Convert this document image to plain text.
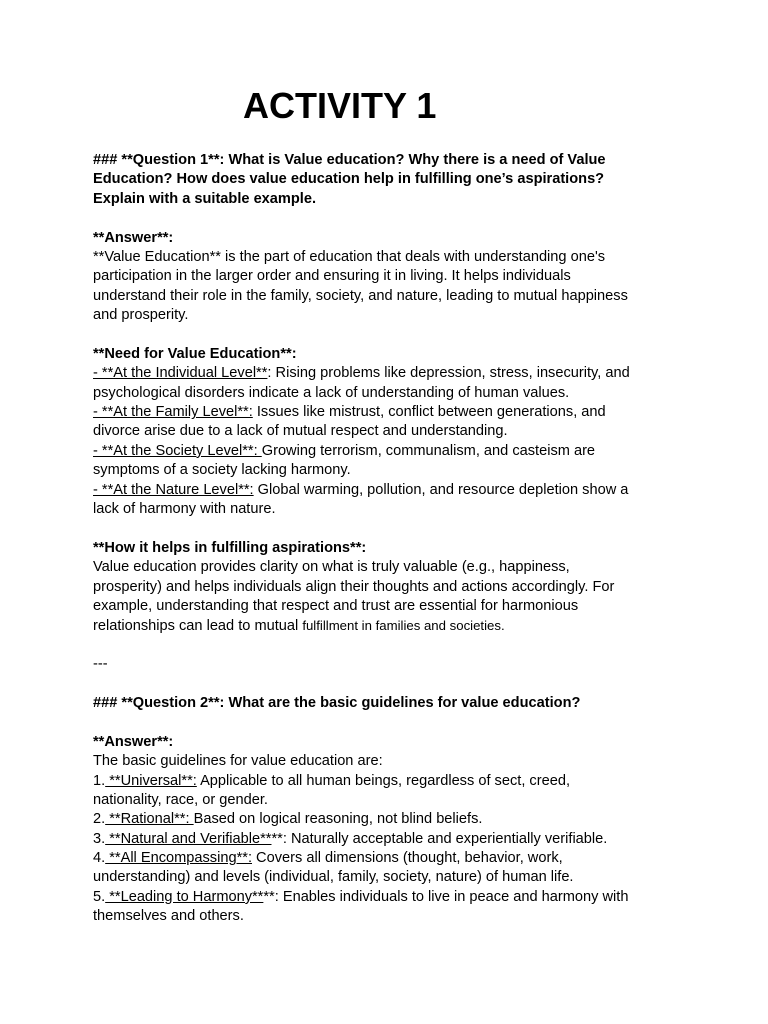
ACTIVITY 1
### **Question 1**: What is Value education? Why there is a need of Value
Education? How does value education help in fulfilling one’s aspirations?
Explain with a suitable example.
**Answer**:
**Value Education** is the part of education that deals with understanding one's
participation in the larger order and ensuring it in living. It helps individuals
understand their role in the family, society, and nature, leading to mutual happiness
and prosperity.
**Need for Value Education**:
- **At the Individual Level**: Rising problems like depression, stress, insecurity, and
psychological disorders indicate a lack of understanding of human values.
- **At the Family Level**: Issues like mistrust, conflict between generations, and
divorce arise due to a lack of mutual respect and understanding.
- **At the Society Level**: Growing terrorism, communalism, and casteism are
symptoms of a society lacking harmony.
- **At the Nature Level**: Global warming, pollution, and resource depletion show a
lack of harmony with nature.
**How it helps in fulfilling aspirations**:
Value education provides clarity on what is truly valuable (e.g., happiness,
prosperity) and helps individuals align their thoughts and actions accordingly. For
example, understanding that respect and trust are essential for harmonious
relationships can lead to mutual fulfillment in families and societies.
---
### **Question 2**: What are the basic guidelines for value education?
**Answer**:
The basic guidelines for value education are:
1. **Universal**: Applicable to all human beings, regardless of sect, creed,
nationality, race, or gender.
2. **Rational**: Based on logical reasoning, not blind beliefs.
3. **Natural and Verifiable****: Naturally acceptable and experientially verifiable.
4. **All Encompassing**: Covers all dimensions (thought, behavior, work,
understanding) and levels (individual, family, society, nature) of human life.
5. **Leading to Harmony****: Enables individuals to live in peace and harmony with
themselves and others.
